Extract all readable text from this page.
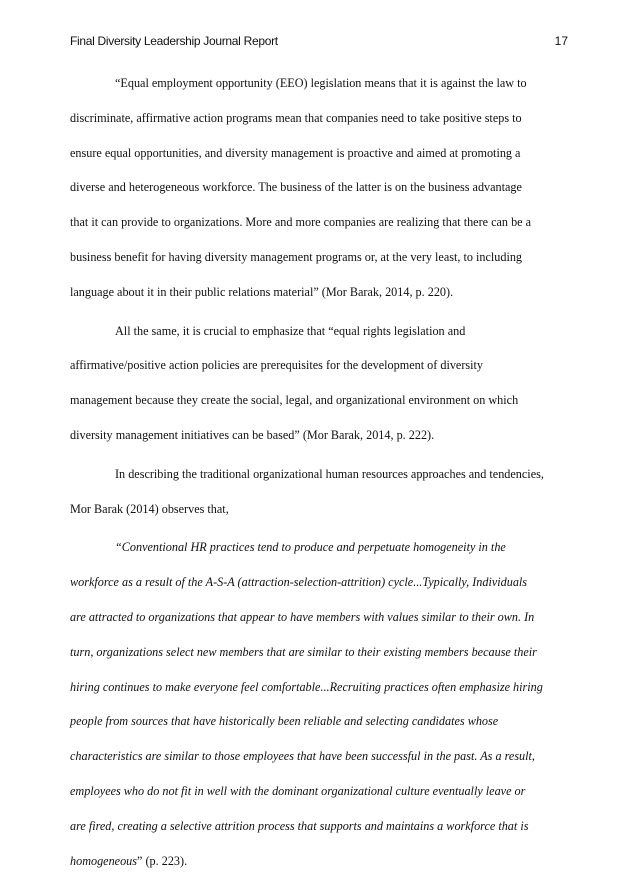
Final Diversity Leadership Journal Report	17
“Equal employment opportunity (EEO) legislation means that it is against the law to
discriminate, affirmative action programs mean that companies need to take positive steps to
ensure equal opportunities, and diversity management is proactive and aimed at promoting a
diverse and heterogeneous workforce. The business of the latter is on the business advantage
that it can provide to organizations. More and more companies are realizing that there can be a
business benefit for having diversity management programs or, at the very least, to including
language about it in their public relations material” (Mor Barak, 2014, p. 220).
All the same, it is crucial to emphasize that “equal rights legislation and
affirmative/positive action policies are prerequisites for the development of diversity
management because they create the social, legal, and organizational environment on which
diversity management initiatives can be based” (Mor Barak, 2014, p. 222).
In describing the traditional organizational human resources approaches and tendencies,
Mor Barak (2014) observes that,
“Conventional HR practices tend to produce and perpetuate homogeneity in the
workforce as a result of the A-S-A (attraction-selection-attrition) cycle...Typically, Individuals
are attracted to organizations that appear to have members with values similar to their own. In
turn, organizations select new members that are similar to their existing members because their
hiring continues to make everyone feel comfortable...Recruiting practices often emphasize hiring
people from sources that have historically been reliable and selecting candidates whose
characteristics are similar to those employees that have been successful in the past. As a result,
employees who do not fit in well with the dominant organizational culture eventually leave or
are fired, creating a selective attrition process that supports and maintains a workforce that is
homogeneous” (p. 223).
